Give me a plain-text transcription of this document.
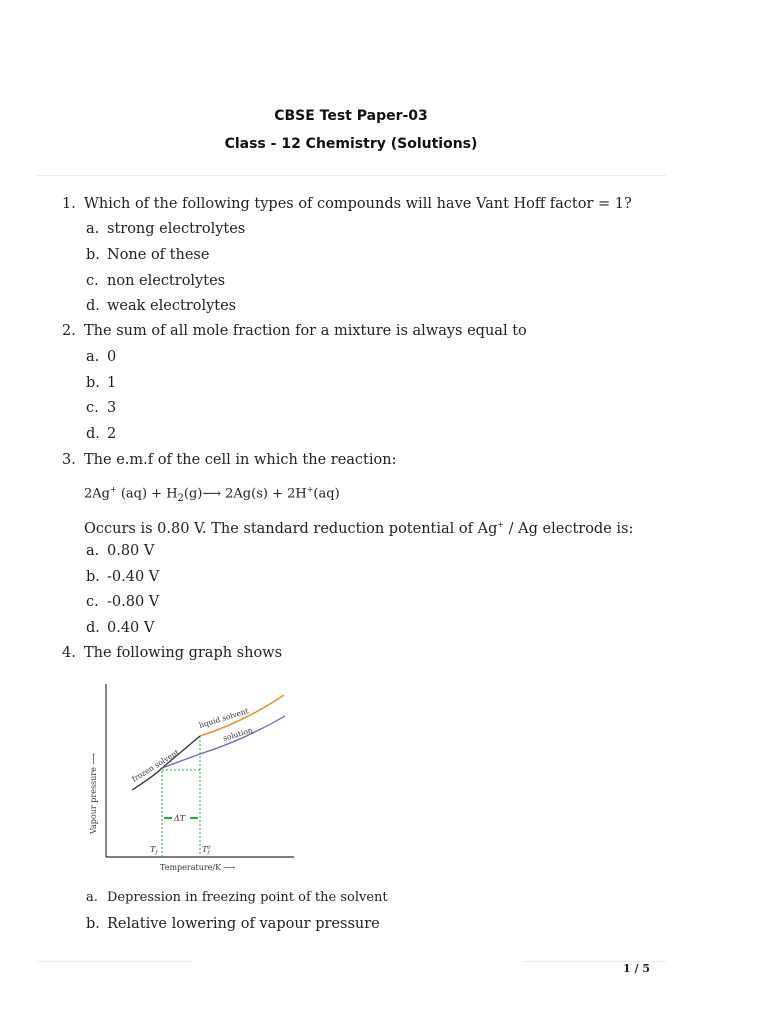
CBSE Test Paper-03
Class - 12 Chemistry (Solutions)
1. Which of the following types of compounds will have Vant Hoff factor = 1?
a. strong electrolytes
b. None of these
c. non electrolytes
d. weak electrolytes
2. The sum of all mole fraction for a mixture is always equal to
a. 0
b. 1
c. 3
d. 2
3. The e.m.f of the cell in which the reaction:
2Ag+ $(aq) + H_2(g)⟶$ 2Ag(s) + 2H+(aq)
Occurs is 0.80 V. The standard reduction potential of Ag+ / Ag electrode is:
a. 0.80 V
b. -0.40 V
c. -0.80 V
d. 0.40 V
4. The following graph shows
ΔT
liquid solvent
solution
frozen solvent
$T_f$	$T^0$ f
Temperature/K ⟶
Vapour pressure ⟶
a. Depression in freezing point of the solvent
b. Relative lowering of vapour pressure
1 / 5
